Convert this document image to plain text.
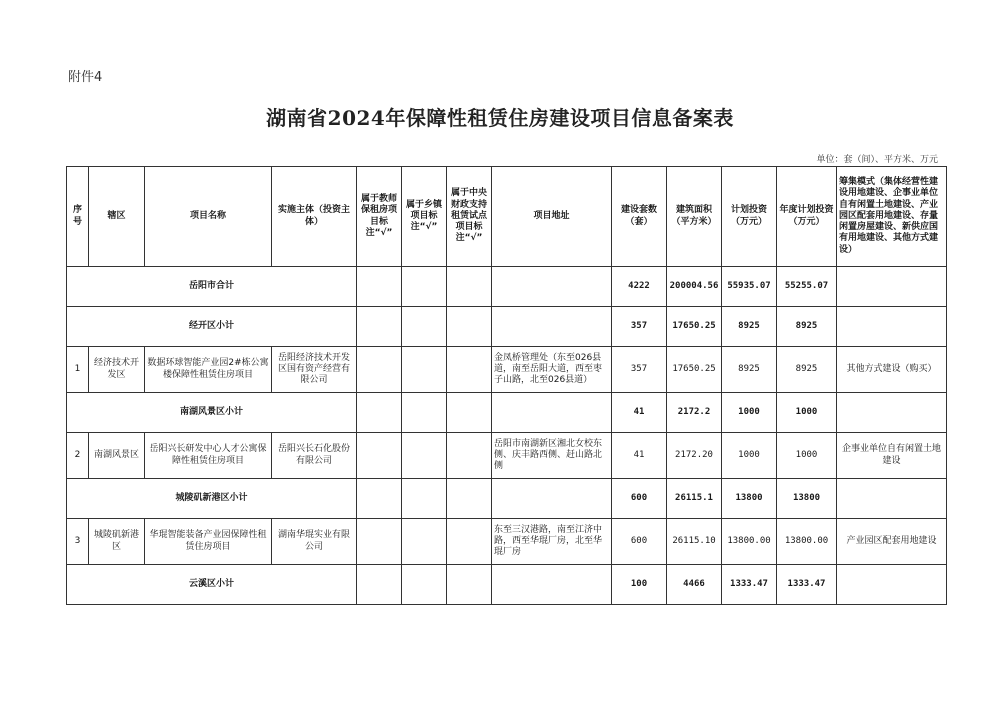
附件4
湖南省2024年保障性租赁住房建设项目信息备案表
单位：套（间）、平方米、万元
序号	辖区	项目名称	实施主体（投资主体）	属于教师保租房项目标注“√”	属于乡镇项目标注“√”	属于中央财政支持租赁试点项目标注“√”	项目地址	建设套数（套）	建筑面积（平方米）	计划投资（万元）	年度计划投资（万元）	筹集模式（集体经营性建设用地建设、企事业单位自有闲置土地建设、产业园区配套用地建设、存量闲置房屋建设、新供应国有用地建设、其他方式建设）
岳阳市合计								4222	200004.56	55935.07	55255.07	
经开区小计								357	17650.25	8925	8925	
1	经济技术开发区	数据环球智能产业园2#栋公寓楼保障性租赁住房项目	岳阳经济技术开发区国有资产经营有限公司				金凤桥管理处（东至026县道，南至岳阳大道，西至枣子山路，北至026县道）	357	17650.25	8925	8925	其他方式建设（购买）
南湖风景区小计								41	2172.2	1000	1000	
2	南湖风景区	岳阳兴长研发中心人才公寓保障性租赁住房项目	岳阳兴长石化股份有限公司				岳阳市南湖新区湘北女校东侧、庆丰路西侧、赶山路北侧	41	2172.20	1000	1000	企事业单位自有闲置土地建设
城陵矶新港区小计								600	26115.1	13800	13800	
3	城陵矶新港区	华琨智能装备产业园保障性租赁住房项目	湖南华琨实业有限公司				东至三汉港路，南至江济中路，西至华琨厂房，北至华琨厂房	600	26115.10	13800.00	13800.00	产业园区配套用地建设
云溪区小计								100	4466	1333.47	1333.47	
